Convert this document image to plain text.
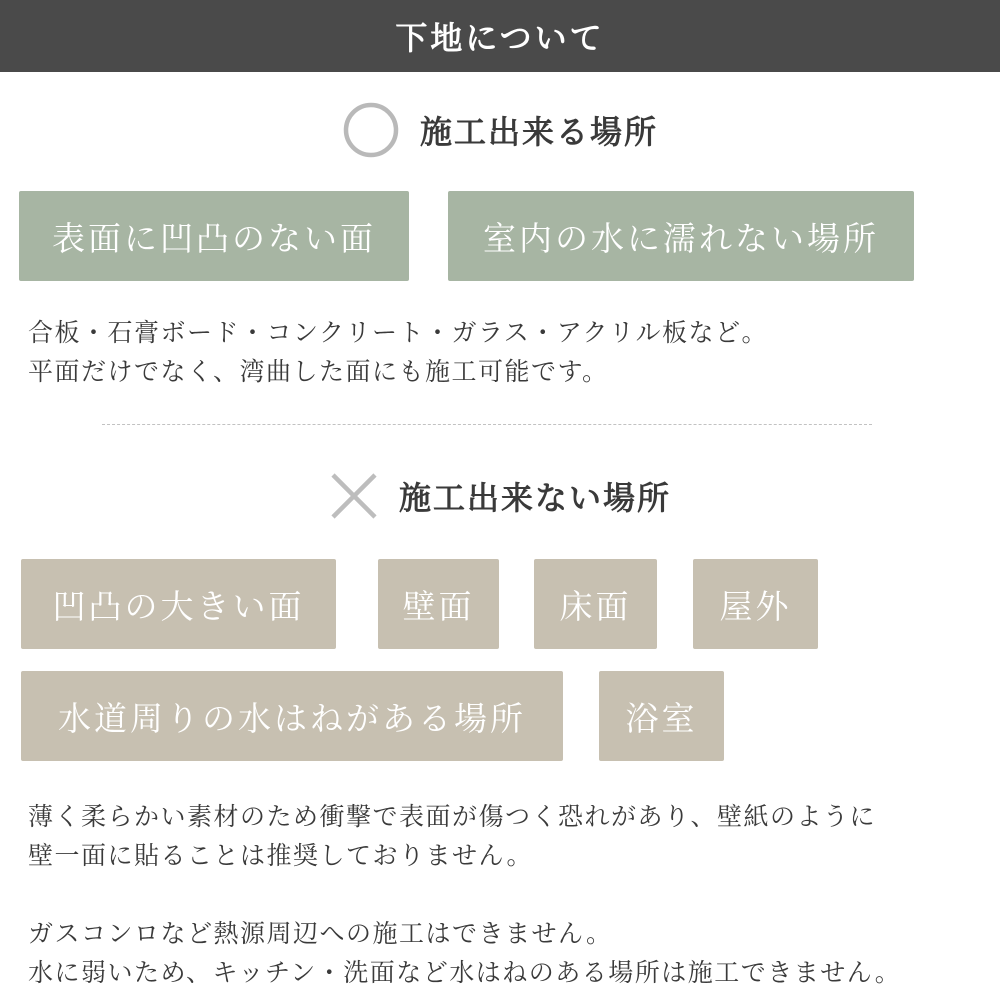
下地について
施工出来る場所
表面に凹凸のない面	室内の水に濡れない場所
合板・石膏ボード・コンクリート・ガラス・アクリル板など。
平面だけでなく、湾曲した面にも施工可能です。
施工出来ない場所
凹凸の大きい面	壁面	床面	屋外
水道周りの水はねがある場所	浴室
薄く柔らかい素材のため衝撃で表面が傷つく恐れがあり、壁紙のように
壁一面に貼ることは推奨しておりません。
ガスコンロなど熱源周辺への施工はできません。
水に弱いため、キッチン・洗面など水はねのある場所は施工できません。
